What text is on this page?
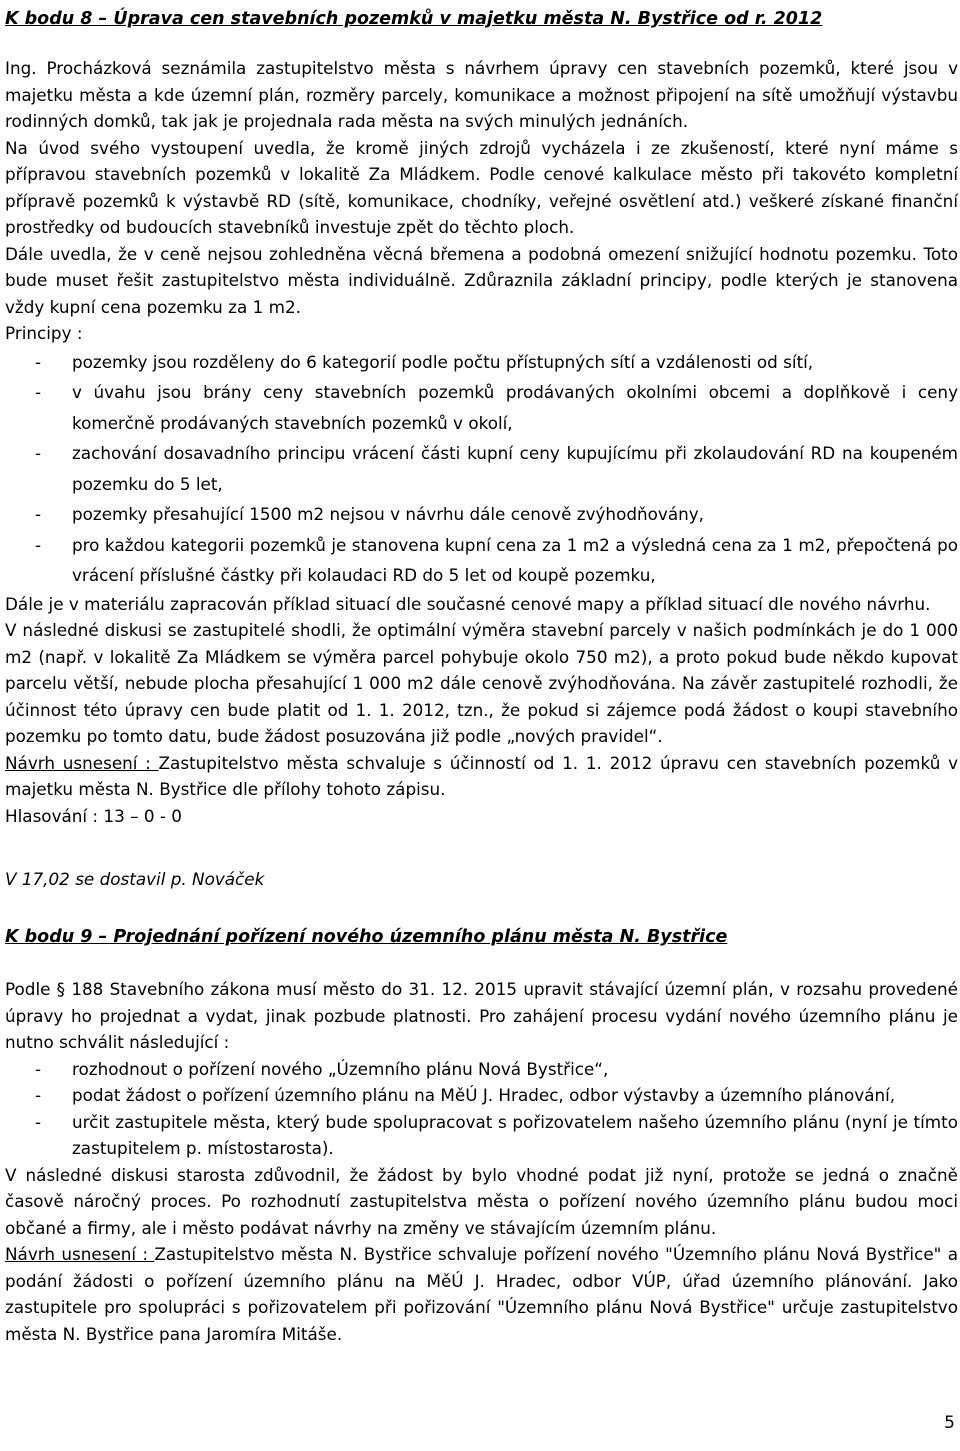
K bodu 8 – Úprava cen stavebních pozemků v majetku města N. Bystřice od r. 2012

Ing. Procházková seznámila zastupitelstvo města s návrhem úpravy cen stavebních pozemků, které jsou v majetku města a kde územní plán, rozměry parcely, komunikace a možnost připojení na sítě umožňují výstavbu rodinných domků, tak jak je projednala rada města na svých minulých jednáních.

Na úvod svého vystoupení uvedla, že kromě jiných zdrojů vycházela i ze zkušeností, které nyní máme s přípravou stavebních pozemků v lokalitě Za Mládkem. Podle cenové kalkulace město při takovéto kompletní přípravě pozemků k výstavbě RD (sítě, komunikace, chodníky, veřejné osvětlení atd.) veškeré získané finanční prostředky od budoucích stavebníků investuje zpět do těchto ploch.

Dále uvedla, že v ceně nejsou zohledněna věcná břemena a podobná omezení snižující hodnotu pozemku. Toto bude muset řešit zastupitelstvo města individuálně. Zdůraznila základní principy, podle kterých je stanovena vždy kupní cena pozemku za 1 m2.

Principy :

-	pozemky jsou rozděleny do 6 kategorií podle počtu přístupných sítí a vzdálenosti od sítí,
-	v úvahu jsou brány ceny stavebních pozemků prodávaných okolními obcemi a doplňkově i ceny komerčně prodávaných stavebních pozemků v okolí,
-	zachování dosavadního principu vrácení části kupní ceny kupujícímu při zkolaudování RD na koupeném pozemku do 5 let,
-	pozemky přesahující 1500 m2 nejsou v návrhu dále cenově zvýhodňovány,
-	pro každou kategorii pozemků je stanovena kupní cena za 1 m2 a výsledná cena za 1 m2, přepočtená po vrácení příslušné částky při kolaudaci RD do 5 let od koupě pozemku,

Dále je v materiálu zapracován příklad situací dle současné cenové mapy a příklad situací dle nového návrhu.

V následné diskusi se zastupitelé shodli, že optimální výměra stavební parcely v našich podmínkách je do 1 000 m2 (např. v lokalitě Za Mládkem se výměra parcel pohybuje okolo 750 m2), a proto pokud bude někdo kupovat parcelu větší, nebude plocha přesahující 1 000 m2 dále cenově zvýhodňována. Na závěr zastupitelé rozhodli, že účinnost této úpravy cen bude platit od 1. 1. 2012, tzn., že pokud si zájemce podá žádost o koupi stavebního pozemku po tomto datu, bude žádost posuzována již podle „nových pravidel“.

Návrh usnesení : Zastupitelstvo města schvaluje s účinností od 1. 1. 2012 úpravu cen stavebních pozemků v majetku města N. Bystřice dle přílohy tohoto zápisu.

Hlasování : 13 – 0 - 0

V 17,02 se dostavil p. Nováček
K bodu 9 – Projednání pořízení nového územního plánu města N. Bystřice

Podle § 188 Stavebního zákona musí město do 31. 12. 2015 upravit stávající územní plán, v rozsahu provedené úpravy ho projednat a vydat, jinak pozbude platnosti. Pro zahájení procesu vydání nového územního plánu je nutno schválit následující :

-	rozhodnout o pořízení nového „Územního plánu Nová Bystřice“,
-	podat žádost o pořízení územního plánu na MěÚ J. Hradec, odbor výstavby a územního plánování,
-	určit zastupitele města, který bude spolupracovat s pořizovatelem našeho územního plánu (nyní je tímto zastupitelem p. místostarosta).

V následné diskusi starosta zdůvodnil, že žádost by bylo vhodné podat již nyní, protože se jedná o značně časově náročný proces. Po rozhodnutí zastupitelstva města o pořízení nového územního plánu budou moci občané a firmy, ale i město podávat návrhy na změny ve stávajícím územním plánu.

Návrh usnesení : Zastupitelstvo města N. Bystřice schvaluje pořízení nového "Územního plánu Nová Bystřice" a podání žádosti o pořízení územního plánu na MěÚ J. Hradec, odbor VÚP, úřad územního plánování. Jako zastupitele pro spolupráci s pořizovatelem při pořizování "Územního plánu Nová Bystřice" určuje zastupitelstvo města N. Bystřice pana Jaromíra Mitáše.

5
